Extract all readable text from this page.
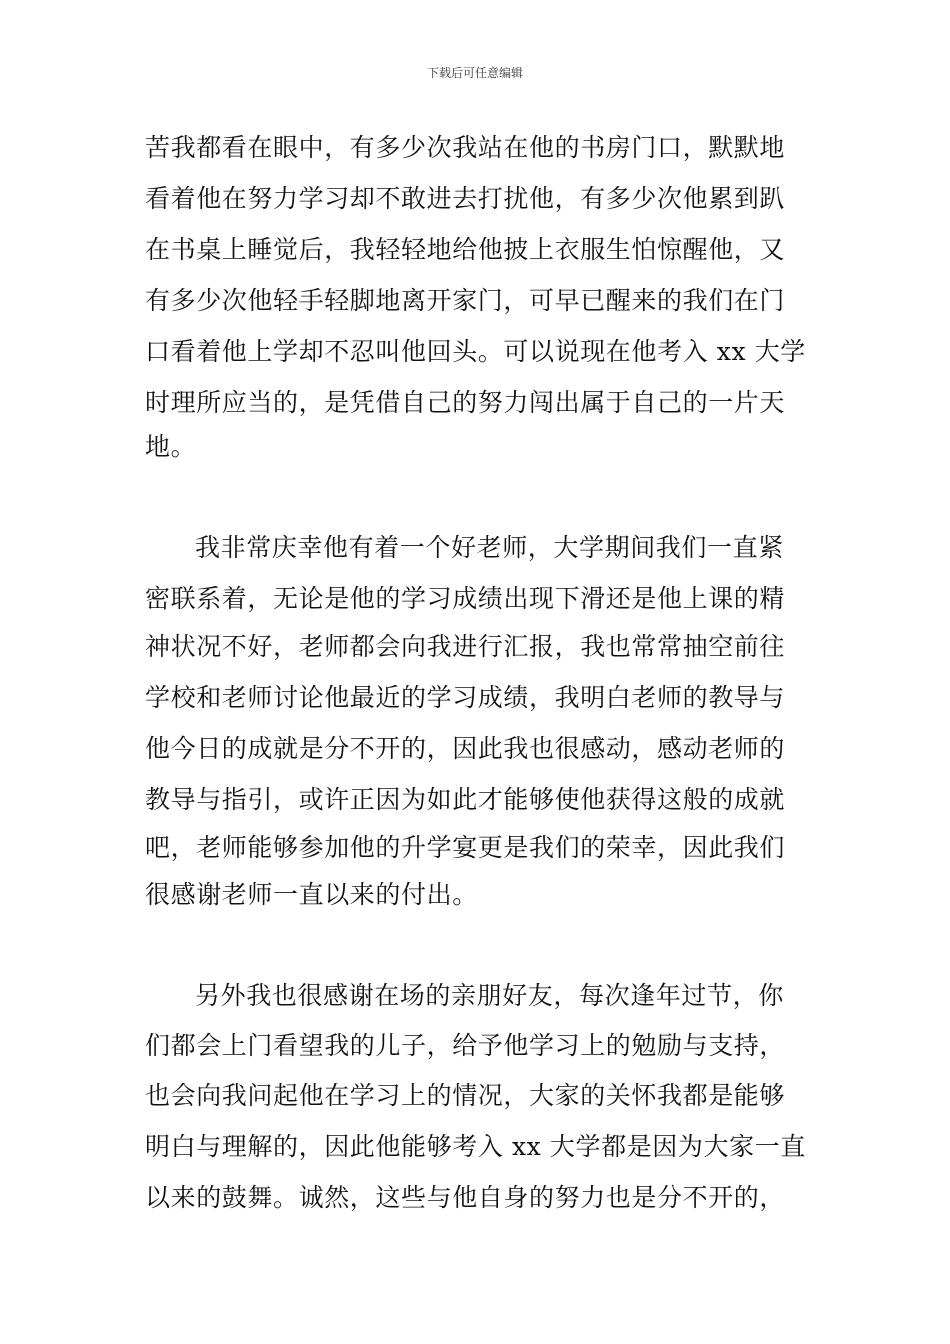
下载后可任意编辑
苦我都看在眼中，有多少次我站在他的书房门口，默默地
看着他在努力学习却不敢进去打扰他，有多少次他累到趴
在书桌上睡觉后，我轻轻地给他披上衣服生怕惊醒他，又
有多少次他轻手轻脚地离开家门，可早已醒来的我们在门
口看着他上学却不忍叫他回头。可以说现在他考入 xx 大学
时理所应当的，是凭借自己的努力闯出属于自己的一片天
地。
我非常庆幸他有着一个好老师，大学期间我们一直紧
密联系着，无论是他的学习成绩出现下滑还是他上课的精
神状况不好，老师都会向我进行汇报，我也常常抽空前往
学校和老师讨论他最近的学习成绩，我明白老师的教导与
他今日的成就是分不开的，因此我也很感动，感动老师的
教导与指引，或许正因为如此才能够使他获得这般的成就
吧，老师能够参加他的升学宴更是我们的荣幸，因此我们
很感谢老师一直以来的付出。
另外我也很感谢在场的亲朋好友，每次逢年过节，你
们都会上门看望我的儿子，给予他学习上的勉励与支持，
也会向我问起他在学习上的情况，大家的关怀我都是能够
明白与理解的，因此他能够考入 xx 大学都是因为大家一直
以来的鼓舞。诚然，这些与他自身的努力也是分不开的，
